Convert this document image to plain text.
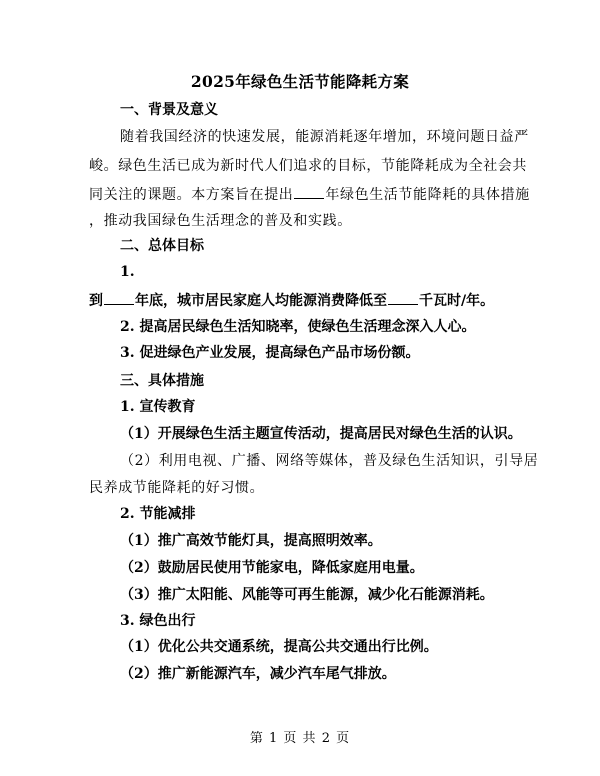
2025年绿色生活节能降耗方案
一、背景及意义
随着我国经济的快速发展，能源消耗逐年增加，环境问题日益严
峻。绿色生活已成为新时代人们追求的目标，节能降耗成为全社会共
同关注的课题。本方案旨在提出 年绿色生活节能降耗的具体措施
，推动我国绿色生活理念的普及和实践。
二、总体目标
1.
到 年底，城市居民家庭人均能源消费降低至 千瓦时/年。
2. 提高居民绿色生活知晓率，使绿色生活理念深入人心。
3. 促进绿色产业发展，提高绿色产品市场份额。
三、具体措施
1. 宣传教育
（1）开展绿色生活主题宣传活动，提高居民对绿色生活的认识。
（2）利用电视、广播、网络等媒体，普及绿色生活知识，引导居
民养成节能降耗的好习惯。
2. 节能减排
（1）推广高效节能灯具，提高照明效率。
（2）鼓励居民使用节能家电，降低家庭用电量。
（3）推广太阳能、风能等可再生能源，减少化石能源消耗。
3. 绿色出行
（1）优化公共交通系统，提高公共交通出行比例。
（2）推广新能源汽车，减少汽车尾气排放。
第 1 页 共 2 页
